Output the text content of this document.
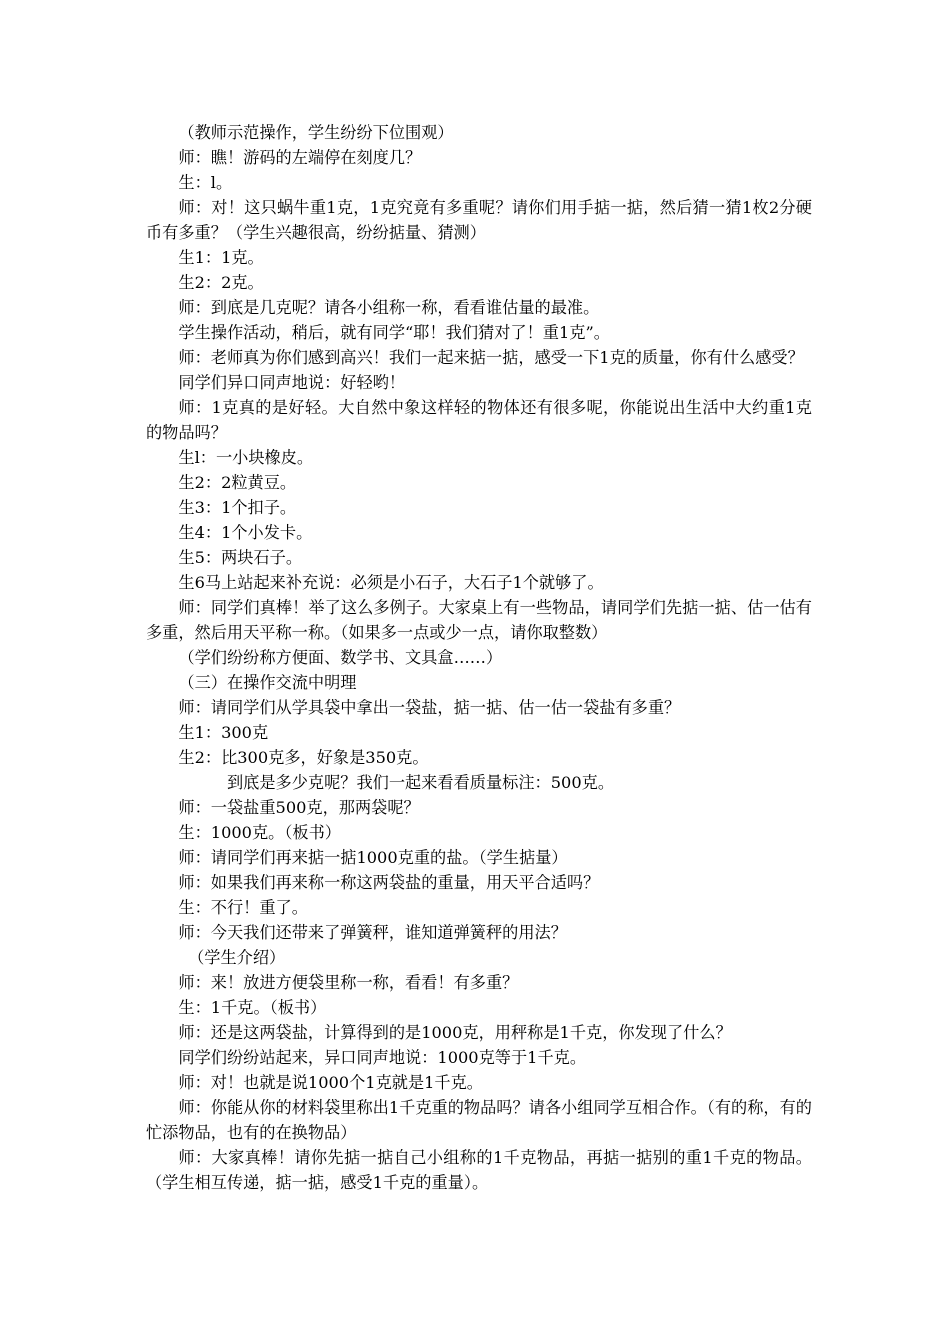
（教师示范操作，学生纷纷下位围观）

师：瞧！游码的左端停在刻度几？

生：l。

师：对！这只蜗牛重1克，1克究竟有多重呢？请你们用手掂一掂，然后猜一猜1枚2分硬币有多重？（学生兴趣很高，纷纷掂量、猜测）

生1：1克。

生2：2克。

师：到底是几克呢？请各小组称一称，看看谁估量的最准。

学生操作活动，稍后，就有同学“耶！我们猜对了！重1克”。

师：老师真为你们感到高兴！我们一起来掂一掂，感受一下1克的质量，你有什么感受？

同学们异口同声地说：好轻哟！

师：1克真的是好轻。大自然中象这样轻的物体还有很多呢，你能说出生活中大约重1克的物品吗？

生l：一小块橡皮。

生2：2粒黄豆。

生3：1个扣子。

生4：1个小发卡。

生5：两块石子。

生6马上站起来补充说：必须是小石子，大石子1个就够了。

师：同学们真棒！举了这么多例子。大家桌上有一些物品，请同学们先掂一掂、估一估有多重，然后用天平称一称。（如果多一点或少一点，请你取整数）

（学们纷纷称方便面、数学书、文具盒……）

（三）在操作交流中明理

师：请同学们从学具袋中拿出一袋盐，掂一掂、估一估一袋盐有多重？

生1：300克

生2：比300克多，好象是350克。

到底是多少克呢？我们一起来看看质量标注：500克。

师：一袋盐重500克，那两袋呢？

生：1000克。（板书）

师：请同学们再来掂一掂1000克重的盐。（学生掂量）

师：如果我们再来称一称这两袋盐的重量，用天平合适吗？

生：不行！重了。

师：今天我们还带来了弹簧秤，谁知道弹簧秤的用法？

（学生介绍）

师：来！放进方便袋里称一称，看看！有多重？

生：1千克。（板书）

师：还是这两袋盐，计算得到的是1000克，用秤称是1千克，你发现了什么？

同学们纷纷站起来，异口同声地说：1000克等于1千克。

师：对！也就是说1000个1克就是1千克。

师：你能从你的材料袋里称出1千克重的物品吗？请各小组同学互相合作。（有的称，有的忙添物品，也有的在换物品）

师：大家真棒！请你先掂一掂自己小组称的1千克物品，再掂一掂别的重1千克的物品。（学生相互传递，掂一掂，感受1千克的重量）。
